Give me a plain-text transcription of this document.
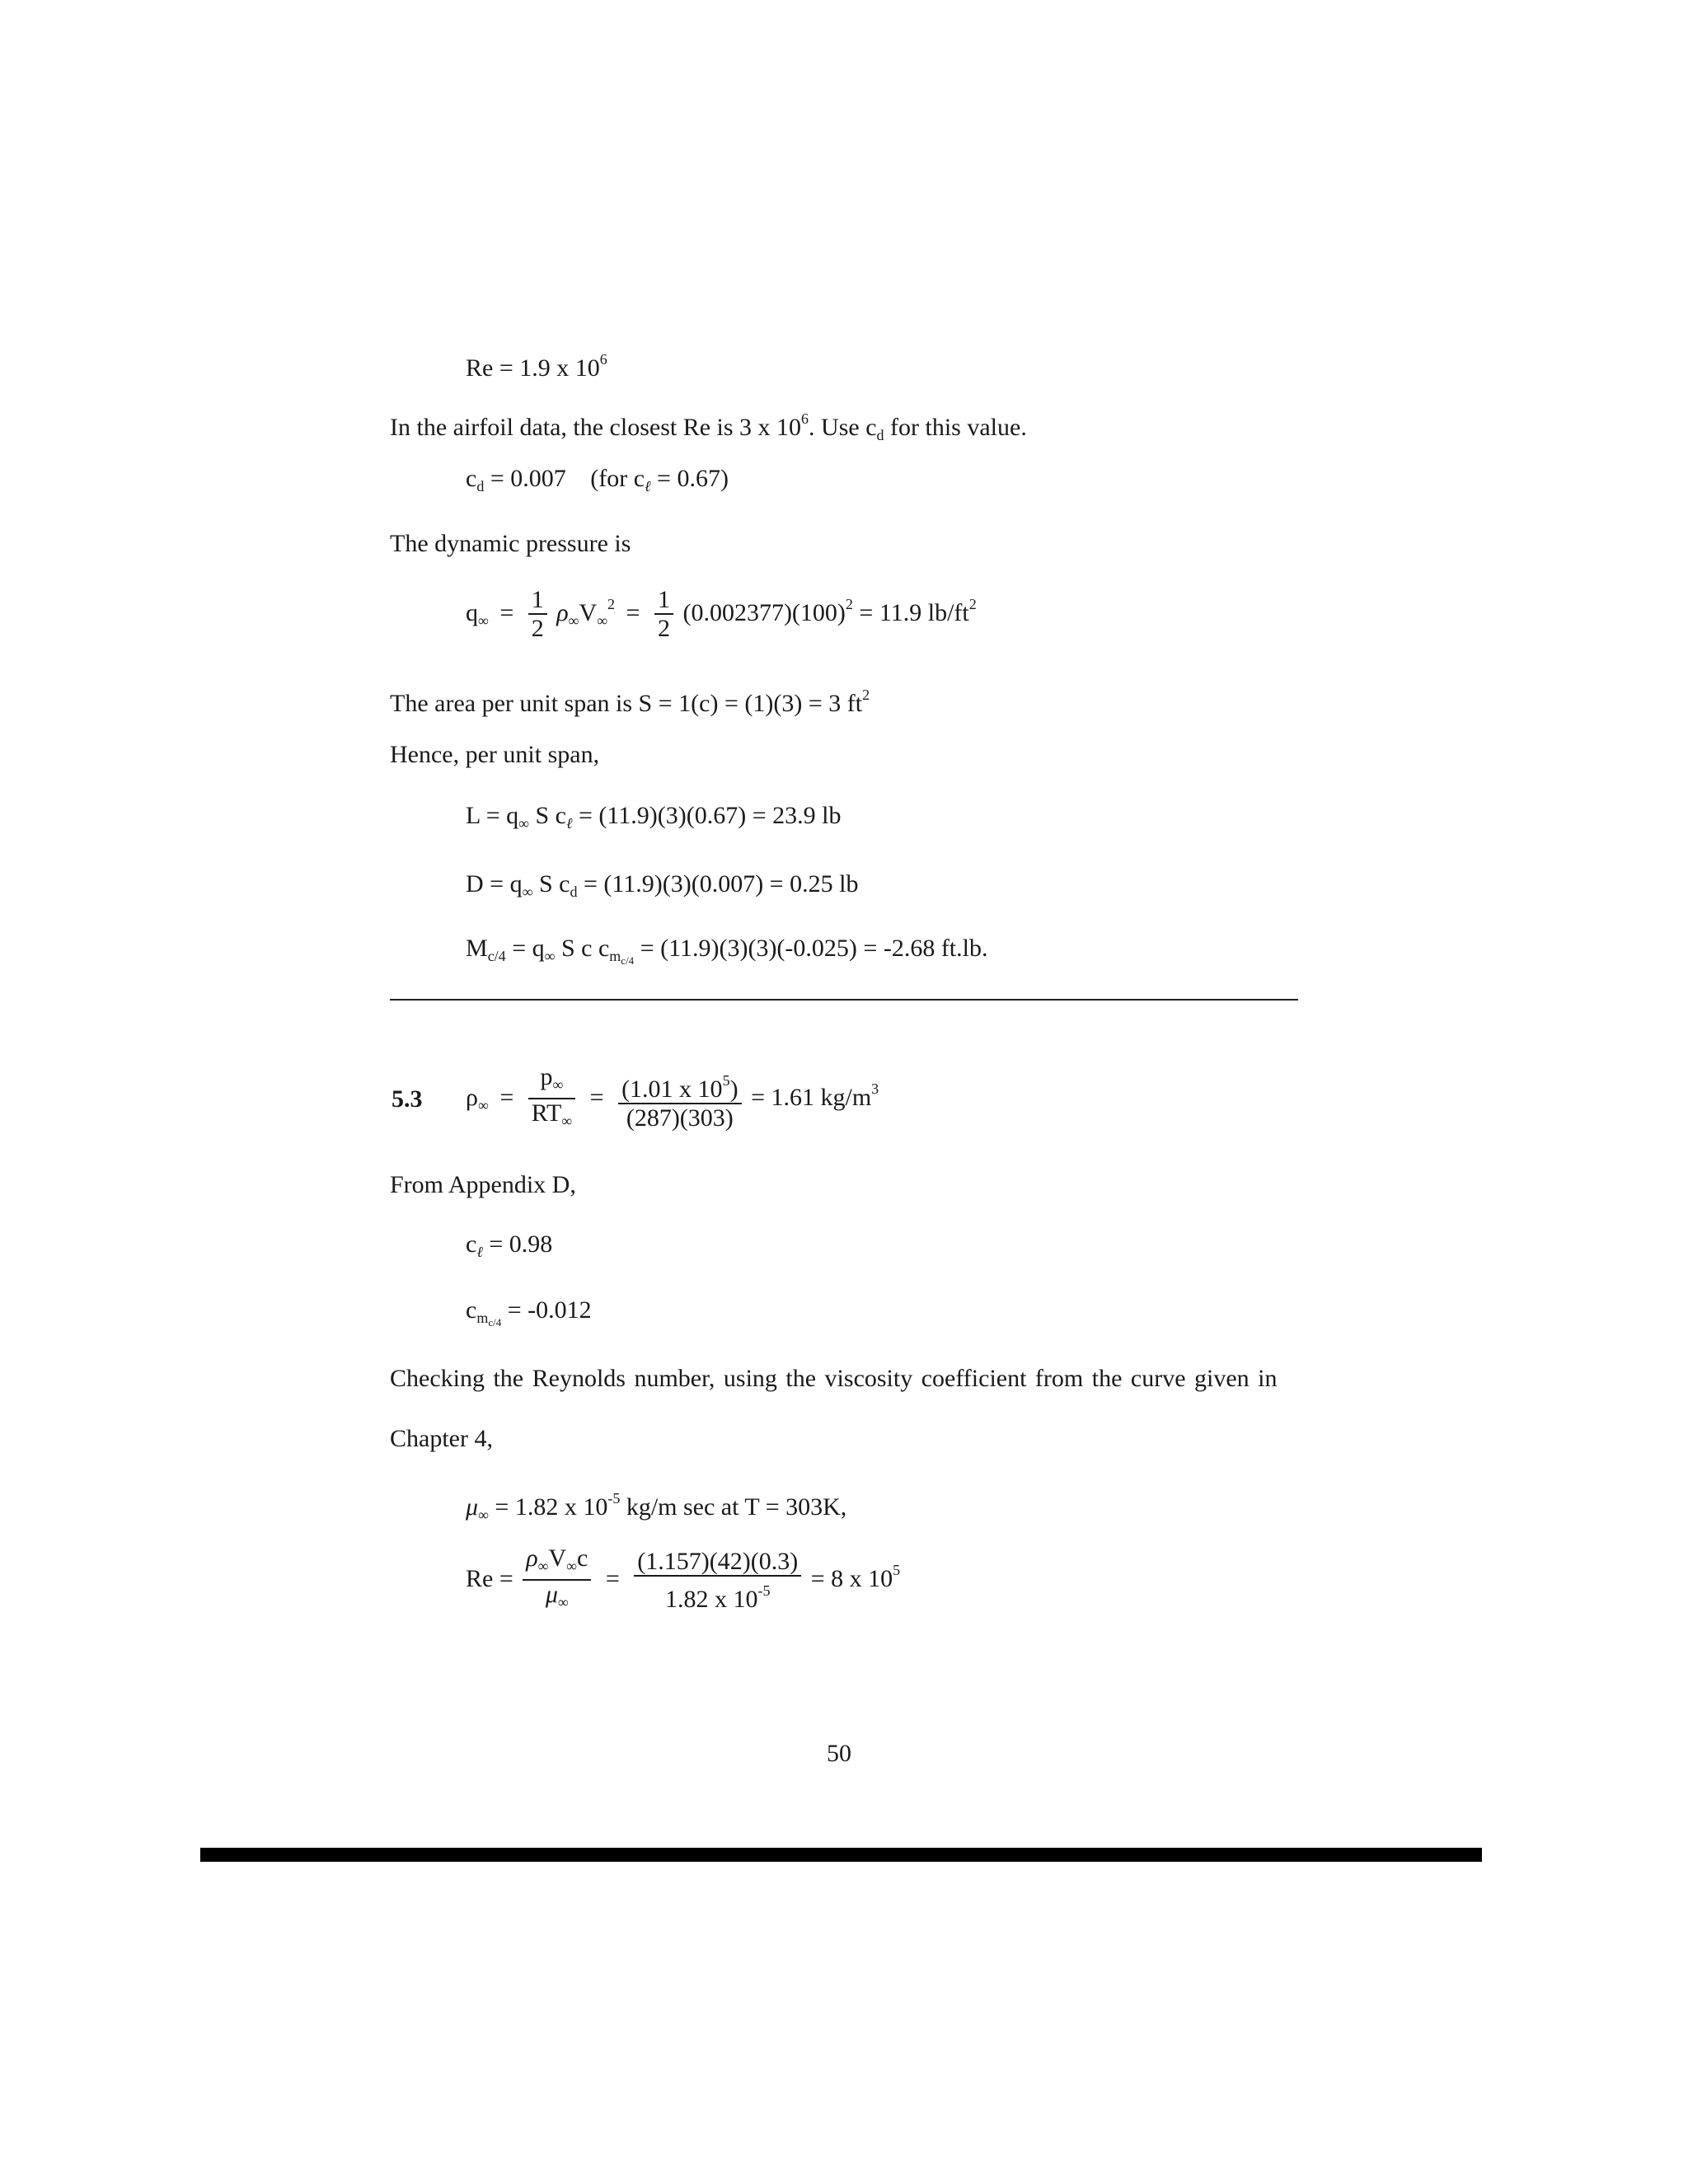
Re = 1.9 x $10^6$
In the airfoil data, the closest Re is 3 x $10^6$. Use $c_d$ for this value.
$c_d = 0.007$ (for $c_\ell = 0.67$)
The dynamic pressure is
$q_\infty = \frac{1}{2} \rho_\infty V_\infty^2 = \frac{1}{2} (0.002377)(100)^2 = 11.9$ $lb/ft^2$
The area per unit span is S = 1(c) = (1)(3) = 3 $ft^2$
Hence, per unit span,
$L = q_\infty$ S $c_\ell = (11.9)(3)(0.67) = 23.9$ lb
$D = q_\infty$ S $c_d = (11.9)(3)(0.007) = 0.25$ lb
$M_{c/4} = q_\infty$ S c $c_{mc/4} = (11.9)(3)(3)(-0.025) = -2.68$ ft.lb.
5.3 $\rho_\infty = \frac{p_\infty}{RT_\infty} = \frac{(1.01 x 10^5)}{(287)(303)} = 1.61$ $kg/m^3$
From Appendix D,
$c_\ell = 0.98$
$c_{mc/4} = -0.012$
Checking the Reynolds number, using the viscosity coefficient from the curve given in
Chapter 4,
$\mu_\infty = 1.82$ x $10^{-5}$ kg/m sec at T = 303K,
$Re = \frac{\rho_\infty V_\infty c}{\mu_\infty} = \frac{(1.157)(42)(0.3)}{1.82 x 10^{-5}} = 8$ x $10^5$
50
